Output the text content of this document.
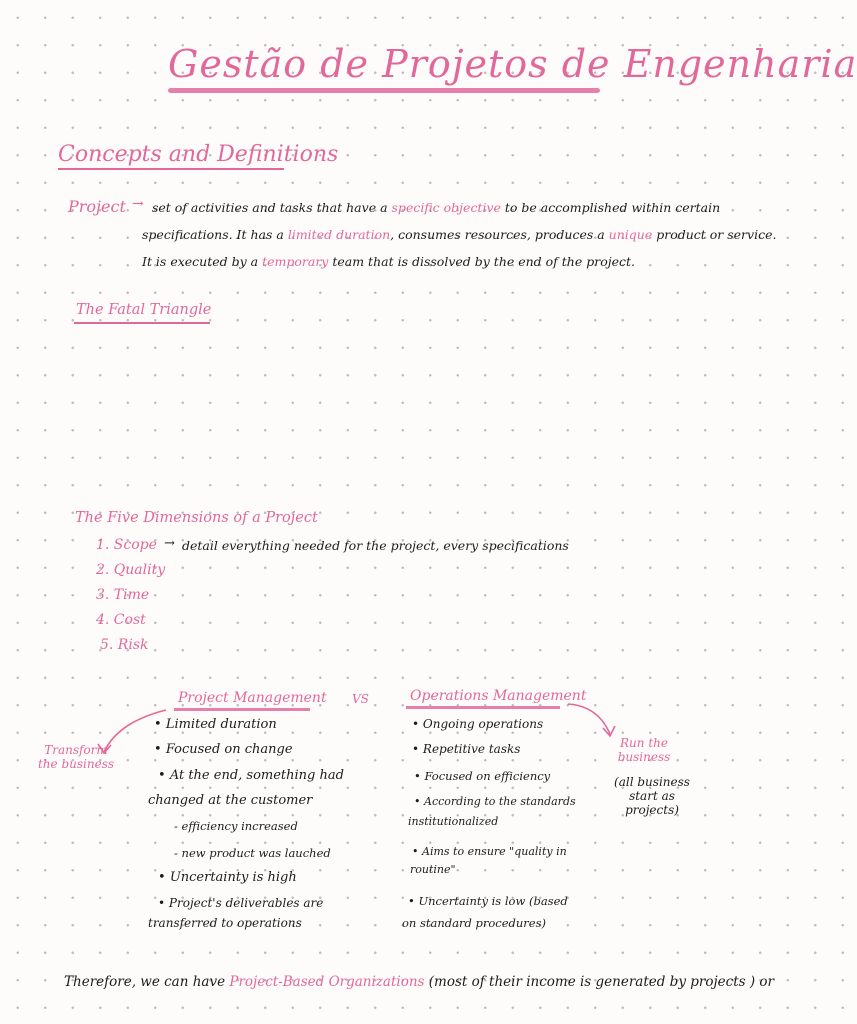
Gestão de Projetos de Engenharia
Concepts and Definitions
Project → set of activities and tasks that have a specific objective to be accomplished within certain
specifications. It has a limited duration, consumes resources, produces a unique product or service.
It is executed by a temporary team that is dissolved by the end of the project.
The Fatal Triangle
The Five Dimensions of a Project
1. Scope → detail everything needed for the project, every specifications
2. Quality
3. Time
4. Cost
5. Risk
Project Management VS	Operations Management
Transform the business
Run the business
(all business start as projects)
• Limited duration
• Focused on change
• At the end, something had
changed at the customer
- efficiency increased
- new product was lauched
• Uncertainty is high
• Project's deliverables are
transferred to operations
• Ongoing operations
• Repetitive tasks
• Focused on efficiency
• According to the standards
institutionalized
• Aims to ensure "quality in
routine"
• Uncertainty is low (based
on standard procedures)
Therefore, we can have Project-Based Organizations (most of their income is generated by projects ) or
